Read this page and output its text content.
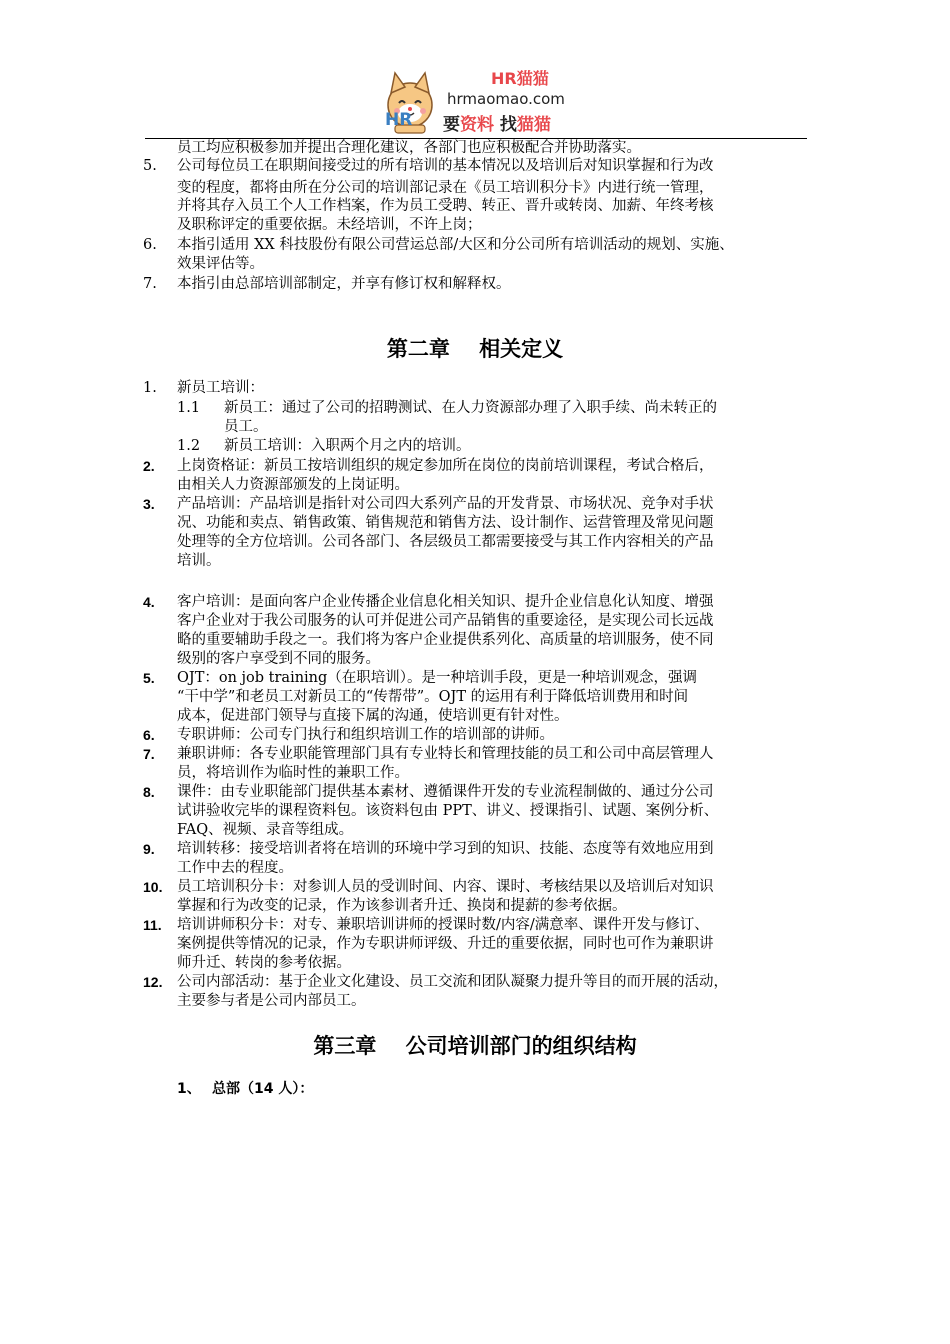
HR猫猫
hrmaomao.com
HR 要资料 找猫猫
员工均应积极参加并提出合理化建议，各部门也应积极配合并协助落实。
5. 公司每位员工在职期间接受过的所有培训的基本情况以及培训后对知识掌握和行为改
变的程度，都将由所在分公司的培训部记录在《员工培训积分卡》内进行统一管理，
并将其存入员工个人工作档案，作为员工受聘、转正、晋升或转岗、加薪、年终考核
及职称评定的重要依据。未经培训，不许上岗；
6. 本指引适用 XX 科技股份有限公司营运总部/大区和分公司所有培训活动的规划、实施、
效果评估等。
7. 本指引由总部培训部制定，并享有修订权和解释权。
第二章    相关定义
1. 新员工培训：
1.1 新员工：通过了公司的招聘测试、在人力资源部办理了入职手续、尚未转正的
员工。
1.2 新员工培训：入职两个月之内的培训。
2. 上岗资格证：新员工按培训组织的规定参加所在岗位的岗前培训课程，考试合格后，
由相关人力资源部颁发的上岗证明。
3. 产品培训：产品培训是指针对公司四大系列产品的开发背景、市场状况、竞争对手状
况、功能和卖点、销售政策、销售规范和销售方法、设计制作、运营管理及常见问题
处理等的全方位培训。公司各部门、各层级员工都需要接受与其工作内容相关的产品
培训。
4. 客户培训：是面向客户企业传播企业信息化相关知识、提升企业信息化认知度、增强
客户企业对于我公司服务的认可并促进公司产品销售的重要途径，是实现公司长远战
略的重要辅助手段之一。我们将为客户企业提供系列化、高质量的培训服务，使不同
级别的客户享受到不同的服务。
5. OJT：on job training（在职培训）。是一种培训手段，更是一种培训观念，强调
“干中学”和老员工对新员工的“传帮带”。OJT 的运用有利于降低培训费用和时间
成本，促进部门领导与直接下属的沟通，使培训更有针对性。
6. 专职讲师：公司专门执行和组织培训工作的培训部的讲师。
7. 兼职讲师：各专业职能管理部门具有专业特长和管理技能的员工和公司中高层管理人
员，将培训作为临时性的兼职工作。
8. 课件：由专业职能部门提供基本素材、遵循课件开发的专业流程制做的、通过分公司
试讲验收完毕的课程资料包。该资料包由 PPT、讲义、授课指引、试题、案例分析、
FAQ、视频、录音等组成。
9. 培训转移：接受培训者将在培训的环境中学习到的知识、技能、态度等有效地应用到
工作中去的程度。
10. 员工培训积分卡：对参训人员的受训时间、内容、课时、考核结果以及培训后对知识
掌握和行为改变的记录，作为该参训者升迁、换岗和提薪的参考依据。
11. 培训讲师积分卡：对专、兼职培训讲师的授课时数/内容/满意率、课件开发与修订、
案例提供等情况的记录，作为专职讲师评级、升迁的重要依据，同时也可作为兼职讲
师升迁、转岗的参考依据。
12. 公司内部活动：基于企业文化建设、员工交流和团队凝聚力提升等目的而开展的活动，
主要参与者是公司内部员工。
第三章    公司培训部门的组织结构
1、 总部（14 人）：
